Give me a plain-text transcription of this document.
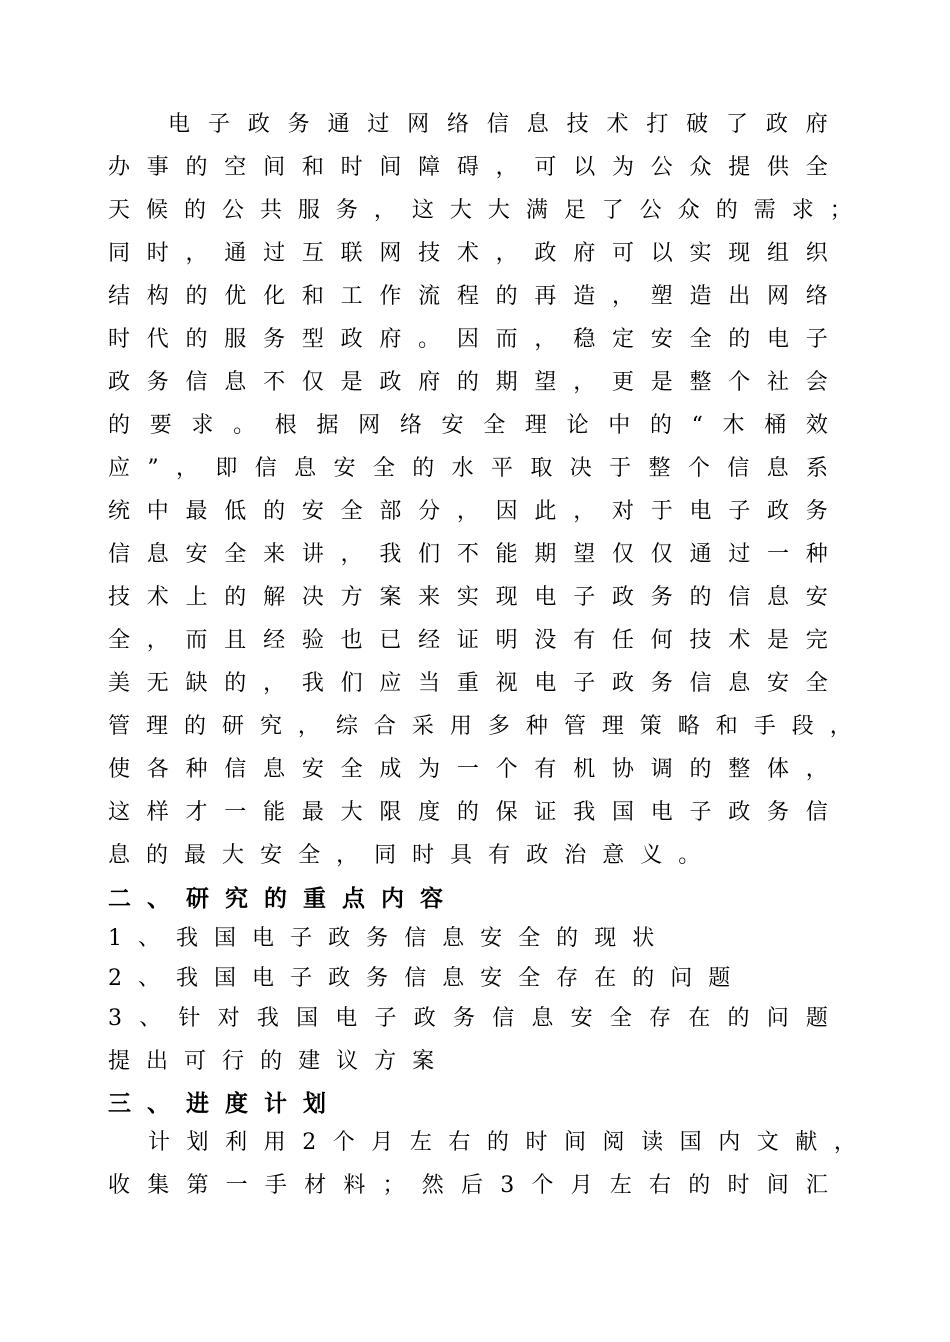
电 子 政 务 通 过 网 络 信 息 技 术 打 破 了 政 府
办 事 的 空 间 和 时 间 障 碍 ， 可 以 为 公 众 提 供 全
天 候 的 公 共 服 务 ， 这 大 大 满 足 了 公 众 的 需 求 ；
同 时 ， 通 过 互 联 网 技 术 ， 政 府 可 以 实 现 组 织
结 构 的 优 化 和 工 作 流 程 的 再 造 ， 塑 造 出 网 络
时 代 的 服 务 型 政 府 。 因 而 ， 稳 定 安 全 的 电 子
政 务 信 息 不 仅 是 政 府 的 期 望 ， 更 是 整 个 社 会
的 要 求 。 根 据 网 络 安 全 理 论 中 的 “ 木 桶 效
应 ” ， 即 信 息 安 全 的 水 平 取 决 于 整 个 信 息 系
统 中 最 低 的 安 全 部 分 ， 因 此 ， 对 于 电 子 政 务
信 息 安 全 来 讲 ， 我 们 不 能 期 望 仅 仅 通 过 一 种
技 术 上 的 解 决 方 案 来 实 现 电 子 政 务 的 信 息 安
全 ， 而 且 经 验 也 已 经 证 明 没 有 任 何 技 术 是 完
美 无 缺 的 ， 我 们 应 当 重 视 电 子 政 务 信 息 安 全
管 理 的 研 究 ， 综 合 采 用 多 种 管 理 策 略 和 手 段 ，
使 各 种 信 息 安 全 成 为 一 个 有 机 协 调 的 整 体 ，
这 样 才 一 能 最 大 限 度 的 保 证 我 国 电 子 政 务 信
息 的 最 大 安 全 ， 同 时 具 有 政 治 意 义 。
二 、 研 究 的 重 点 内 容
1 、 我 国 电 子 政 务 信 息 安 全 的 现 状
2 、 我 国 电 子 政 务 信 息 安 全 存 在 的 问 题
3 、 针 对 我 国 电 子 政 务 信 息 安 全 存 在 的 问 题
提 出 可 行 的 建 议 方 案
三 、 进 度 计 划
计 划 利 用 2 个 月 左 右 的 时 间 阅 读 国 内 文 献 ，
收 集 第 一 手 材 料 ； 然 后 3 个 月 左 右 的 时 间 汇
